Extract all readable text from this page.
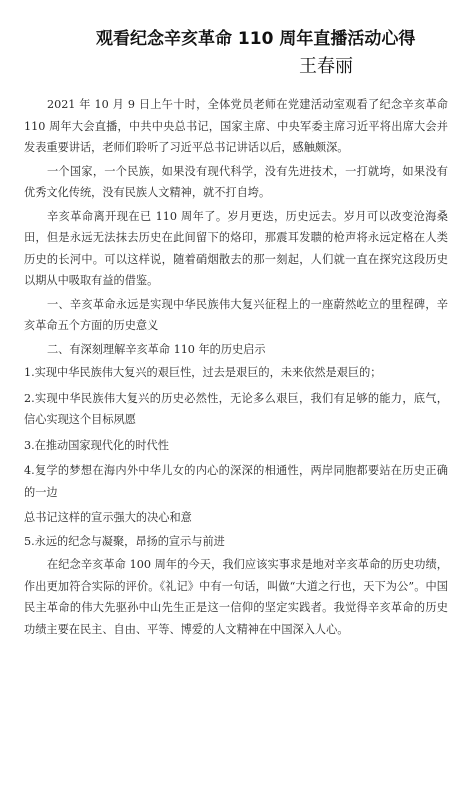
观看纪念辛亥革命 110 周年直播活动心得
王春丽

2021 年 10 月 9 日上午十时，全体党员老师在党建活动室观看了纪念辛亥革命 110 周年大会直播，中共中央总书记，国家主席、中央军委主席习近平将出席大会并发表重要讲话，老师们聆听了习近平总书记讲话以后，感触颇深。

一个国家，一个民族，如果没有现代科学，没有先进技术，一打就垮，如果没有优秀文化传统，没有民族人文精神，就不打自垮。

辛亥革命离开现在已 110 周年了。岁月更迭，历史远去。岁月可以改变沧海桑田，但是永远无法抹去历史在此间留下的烙印，那震耳发聩的枪声将永远定格在人类历史的长河中。可以这样说，随着硝烟散去的那一刻起，人们就一直在探究这段历史以期从中吸取有益的借鉴。

一、辛亥革命永远是实现中华民族伟大复兴征程上的一座蔚然屹立的里程碑，辛亥革命五个方面的历史意义

二、有深刻理解辛亥革命 110 年的历史启示

1.实现中华民族伟大复兴的艰巨性，过去是艰巨的，未来依然是艰巨的；

2.实现中华民族伟大复兴的历史必然性，无论多么艰巨，我们有足够的能力，底气，信心实现这个目标夙愿

3.在推动国家现代化的时代性

4.复学的梦想在海内外中华儿女的内心的深深的相通性，两岸同胞都要站在历史正确的一边

总书记这样的宣示强大的决心和意

5.永远的纪念与凝聚，昂扬的宣示与前进

在纪念辛亥革命 100 周年的今天，我们应该实事求是地对辛亥革命的历史功绩，作出更加符合实际的评价。《礼记》中有一句话，叫做“大道之行也，天下为公”。中国民主革命的伟大先驱孙中山先生正是这一信仰的坚定实践者。我觉得辛亥革命的历史功绩主要在民主、自由、平等、博爱的人文精神在中国深入人心。
